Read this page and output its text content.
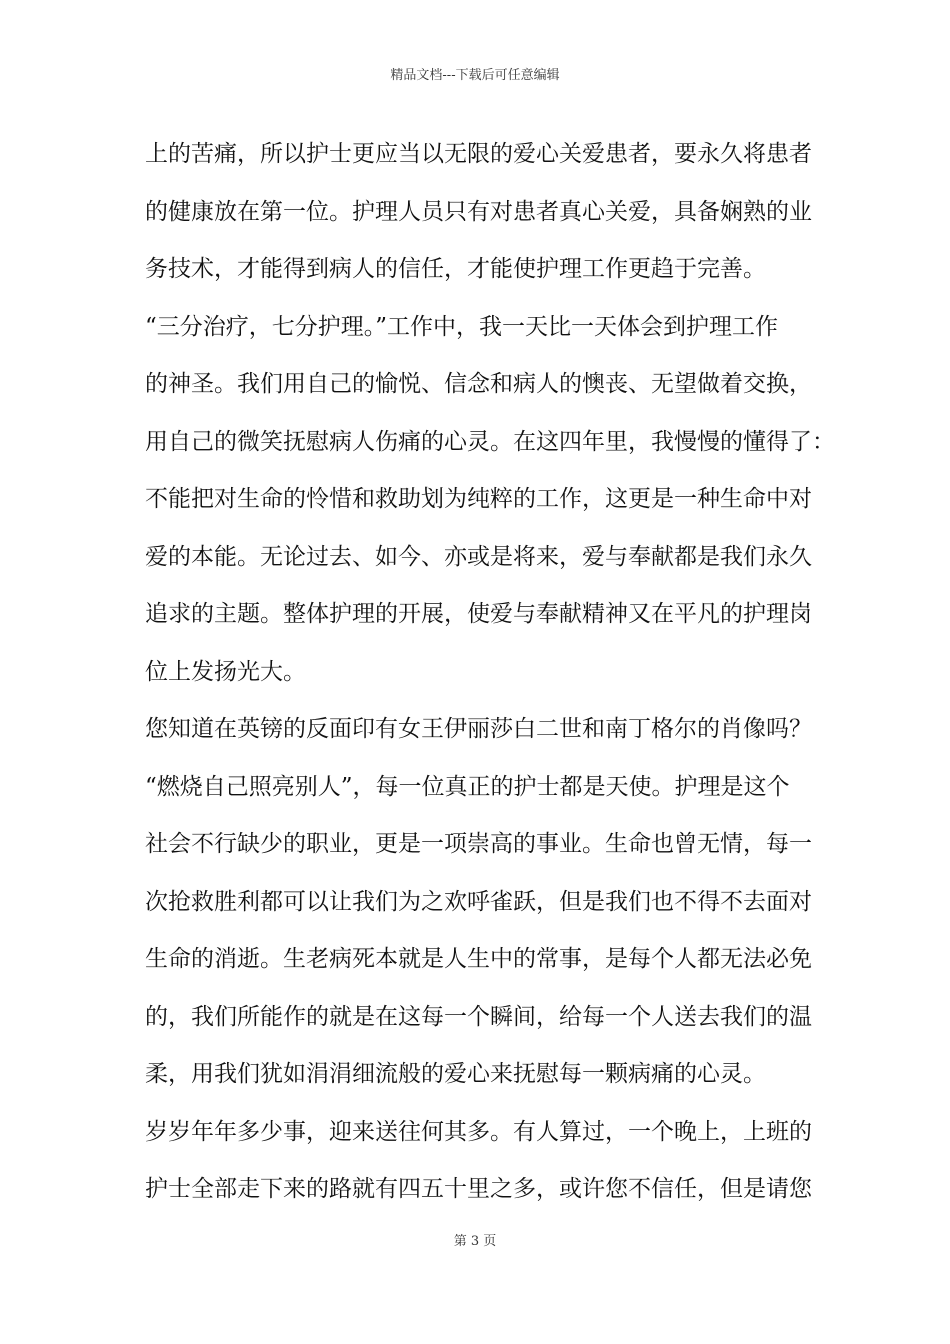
精品文档---下载后可任意编辑
上的苦痛，所以护士更应当以无限的爱心关爱患者，要永久将患者
的健康放在第一位。护理人员只有对患者真心关爱，具备娴熟的业
务技术，才能得到病人的信任，才能使护理工作更趋于完善。
“三分治疗，七分护理。”工作中，我一天比一天体会到护理工作
的神圣。我们用自己的愉悦、信念和病人的懊丧、无望做着交换，
用自己的微笑抚慰病人伤痛的心灵。在这四年里，我慢慢的懂得了：
不能把对生命的怜惜和救助划为纯粹的工作，这更是一种生命中对
爱的本能。无论过去、如今、亦或是将来，爱与奉献都是我们永久
追求的主题。整体护理的开展，使爱与奉献精神又在平凡的护理岗
位上发扬光大。
您知道在英镑的反面印有女王伊丽莎白二世和南丁格尔的肖像吗？
“燃烧自己照亮别人”，每一位真正的护士都是天使。护理是这个
社会不行缺少的职业，更是一项崇高的事业。生命也曾无情，每一
次抢救胜利都可以让我们为之欢呼雀跃，但是我们也不得不去面对
生命的消逝。生老病死本就是人生中的常事，是每个人都无法必免
的，我们所能作的就是在这每一个瞬间，给每一个人送去我们的温
柔，用我们犹如涓涓细流般的爱心来抚慰每一颗病痛的心灵。
岁岁年年多少事，迎来送往何其多。有人算过，一个晚上，上班的
护士全部走下来的路就有四五十里之多，或许您不信任，但是请您
第 3 页
